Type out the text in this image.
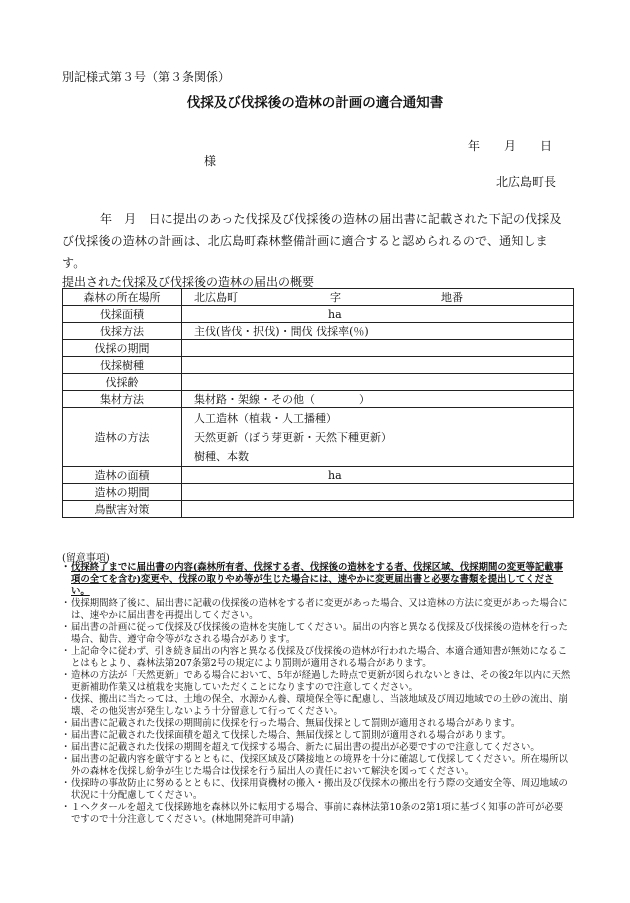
別記様式第３号（第３条関係）
伐採及び伐採後の造林の計画の適合通知書
年 月 日
様
北広島町長
年　月　日に提出のあった伐採及び伐採後の造林の届出書に記載された下記の伐採及び伐採後の造林の計画は、北広島町森林整備計画に適合すると認められるので、通知します。
提出された伐採及び伐採後の造林の届出の概要
森林の所在場所	北広島町 字 地番
伐採面積	ha
伐採方法	主伐(皆伐・択伐)・間伐 伐採率(％)
伐採の期間	
伐採樹種	
伐採齢	
集材方法	集材路・架線・その他（　　　　）
造林の方法	人工造林（植栽・人工播種）
天然更新（ぼう芽更新・天然下種更新）
樹種、本数

造林の面積	ha
造林の期間	
鳥獣害対策	
(留意事項)

・ 伐採終了までに届出書の内容(森林所有者、伐採する者、伐採後の造林をする者、伐採区域、伐採期間の変更等記載事項の全てを含む)変更や、伐採の取りやめ等が生じた場合には、速やかに変更届出書と必要な書類を提出してください。

・ 伐採期間終了後に、届出書に記載の伐採後の造林をする者に変更があった場合、又は造林の方法に変更があった場合には、速やかに届出書を再提出してください。

・ 届出書の計画に従って伐採及び伐採後の造林を実施してください。届出の内容と異なる伐採及び伐採後の造林を行った場合、勧告、遵守命令等がなされる場合があります。

・ 上記命令に従わず、引き続き届出の内容と異なる伐採及び伐採後の造林が行われた場合、本適合通知書が無効になることはもとより、森林法第207条第2号の規定により罰則が適用される場合があります。

・ 造林の方法が「天然更新」である場合において、5年が経過した時点で更新が図られないときは、その後2年以内に天然更新補助作業又は植栽を実施していただくことになりますので注意してください。

・ 伐採、搬出に当たっては、土地の保全、水源かん養、環境保全等に配慮し、当該地域及び周辺地域での土砂の流出、崩壊、その他災害が発生しないよう十分留意して行ってください。

・ 届出書に記載された伐採の期間前に伐採を行った場合、無届伐採として罰則が適用される場合があります。

・ 届出書に記載された伐採面積を超えて伐採した場合、無届伐採として罰則が適用される場合があります。

・ 届出書に記載された伐採の期間を超えて伐採する場合、新たに届出書の提出が必要ですので注意してください。

・ 届出書の記載内容を厳守するとともに、伐採区域及び隣接地との境界を十分に確認して伐採してください。所在場所以外の森林を伐採し紛争が生じた場合は伐採を行う届出人の責任において解決を図ってください。

・ 伐採時の事故防止に努めるとともに、伐採用資機材の搬入・搬出及び伐採木の搬出を行う際の交通安全等、周辺地域の状況に十分配慮してください。

・ １ヘクタールを超えて伐採跡地を森林以外に転用する場合、事前に森林法第10条の2第1項に基づく知事の許可が必要ですので十分注意してください。(林地開発許可申請)
